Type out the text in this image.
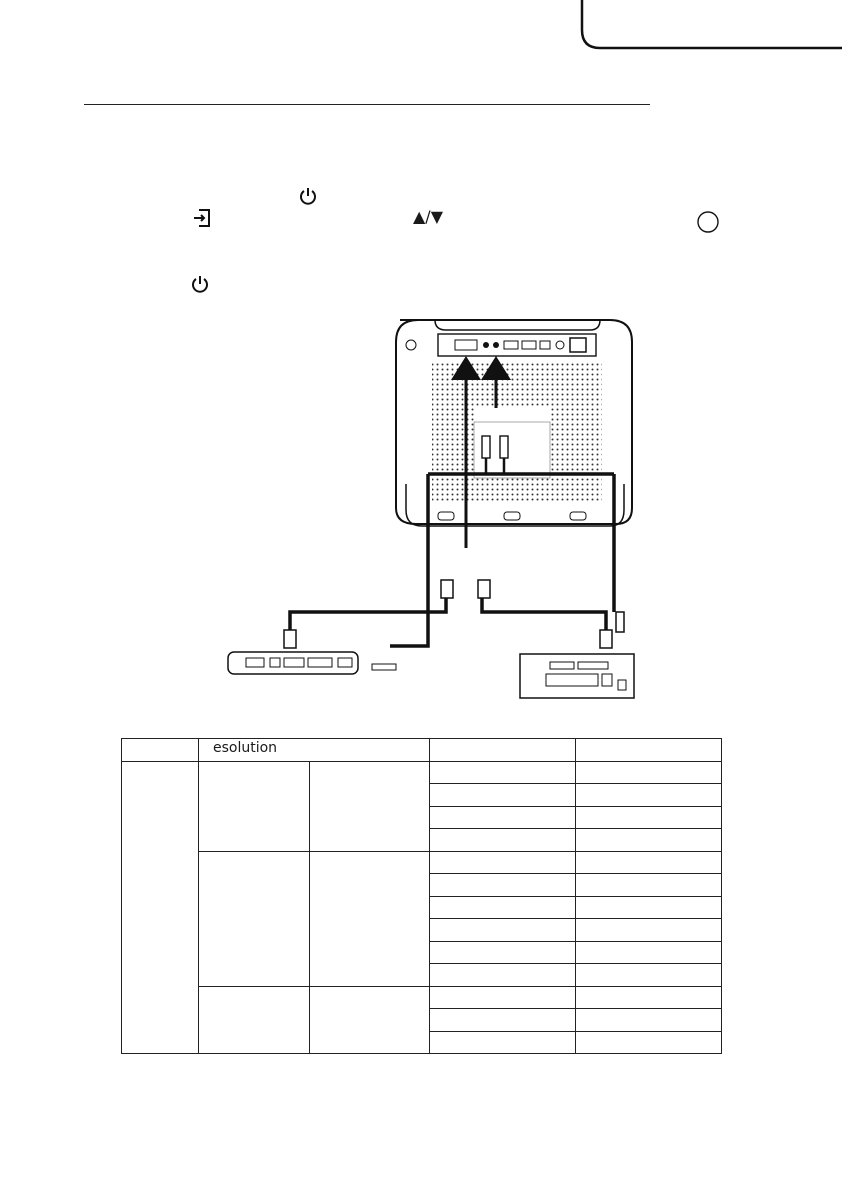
▲/▼
	esolution			
